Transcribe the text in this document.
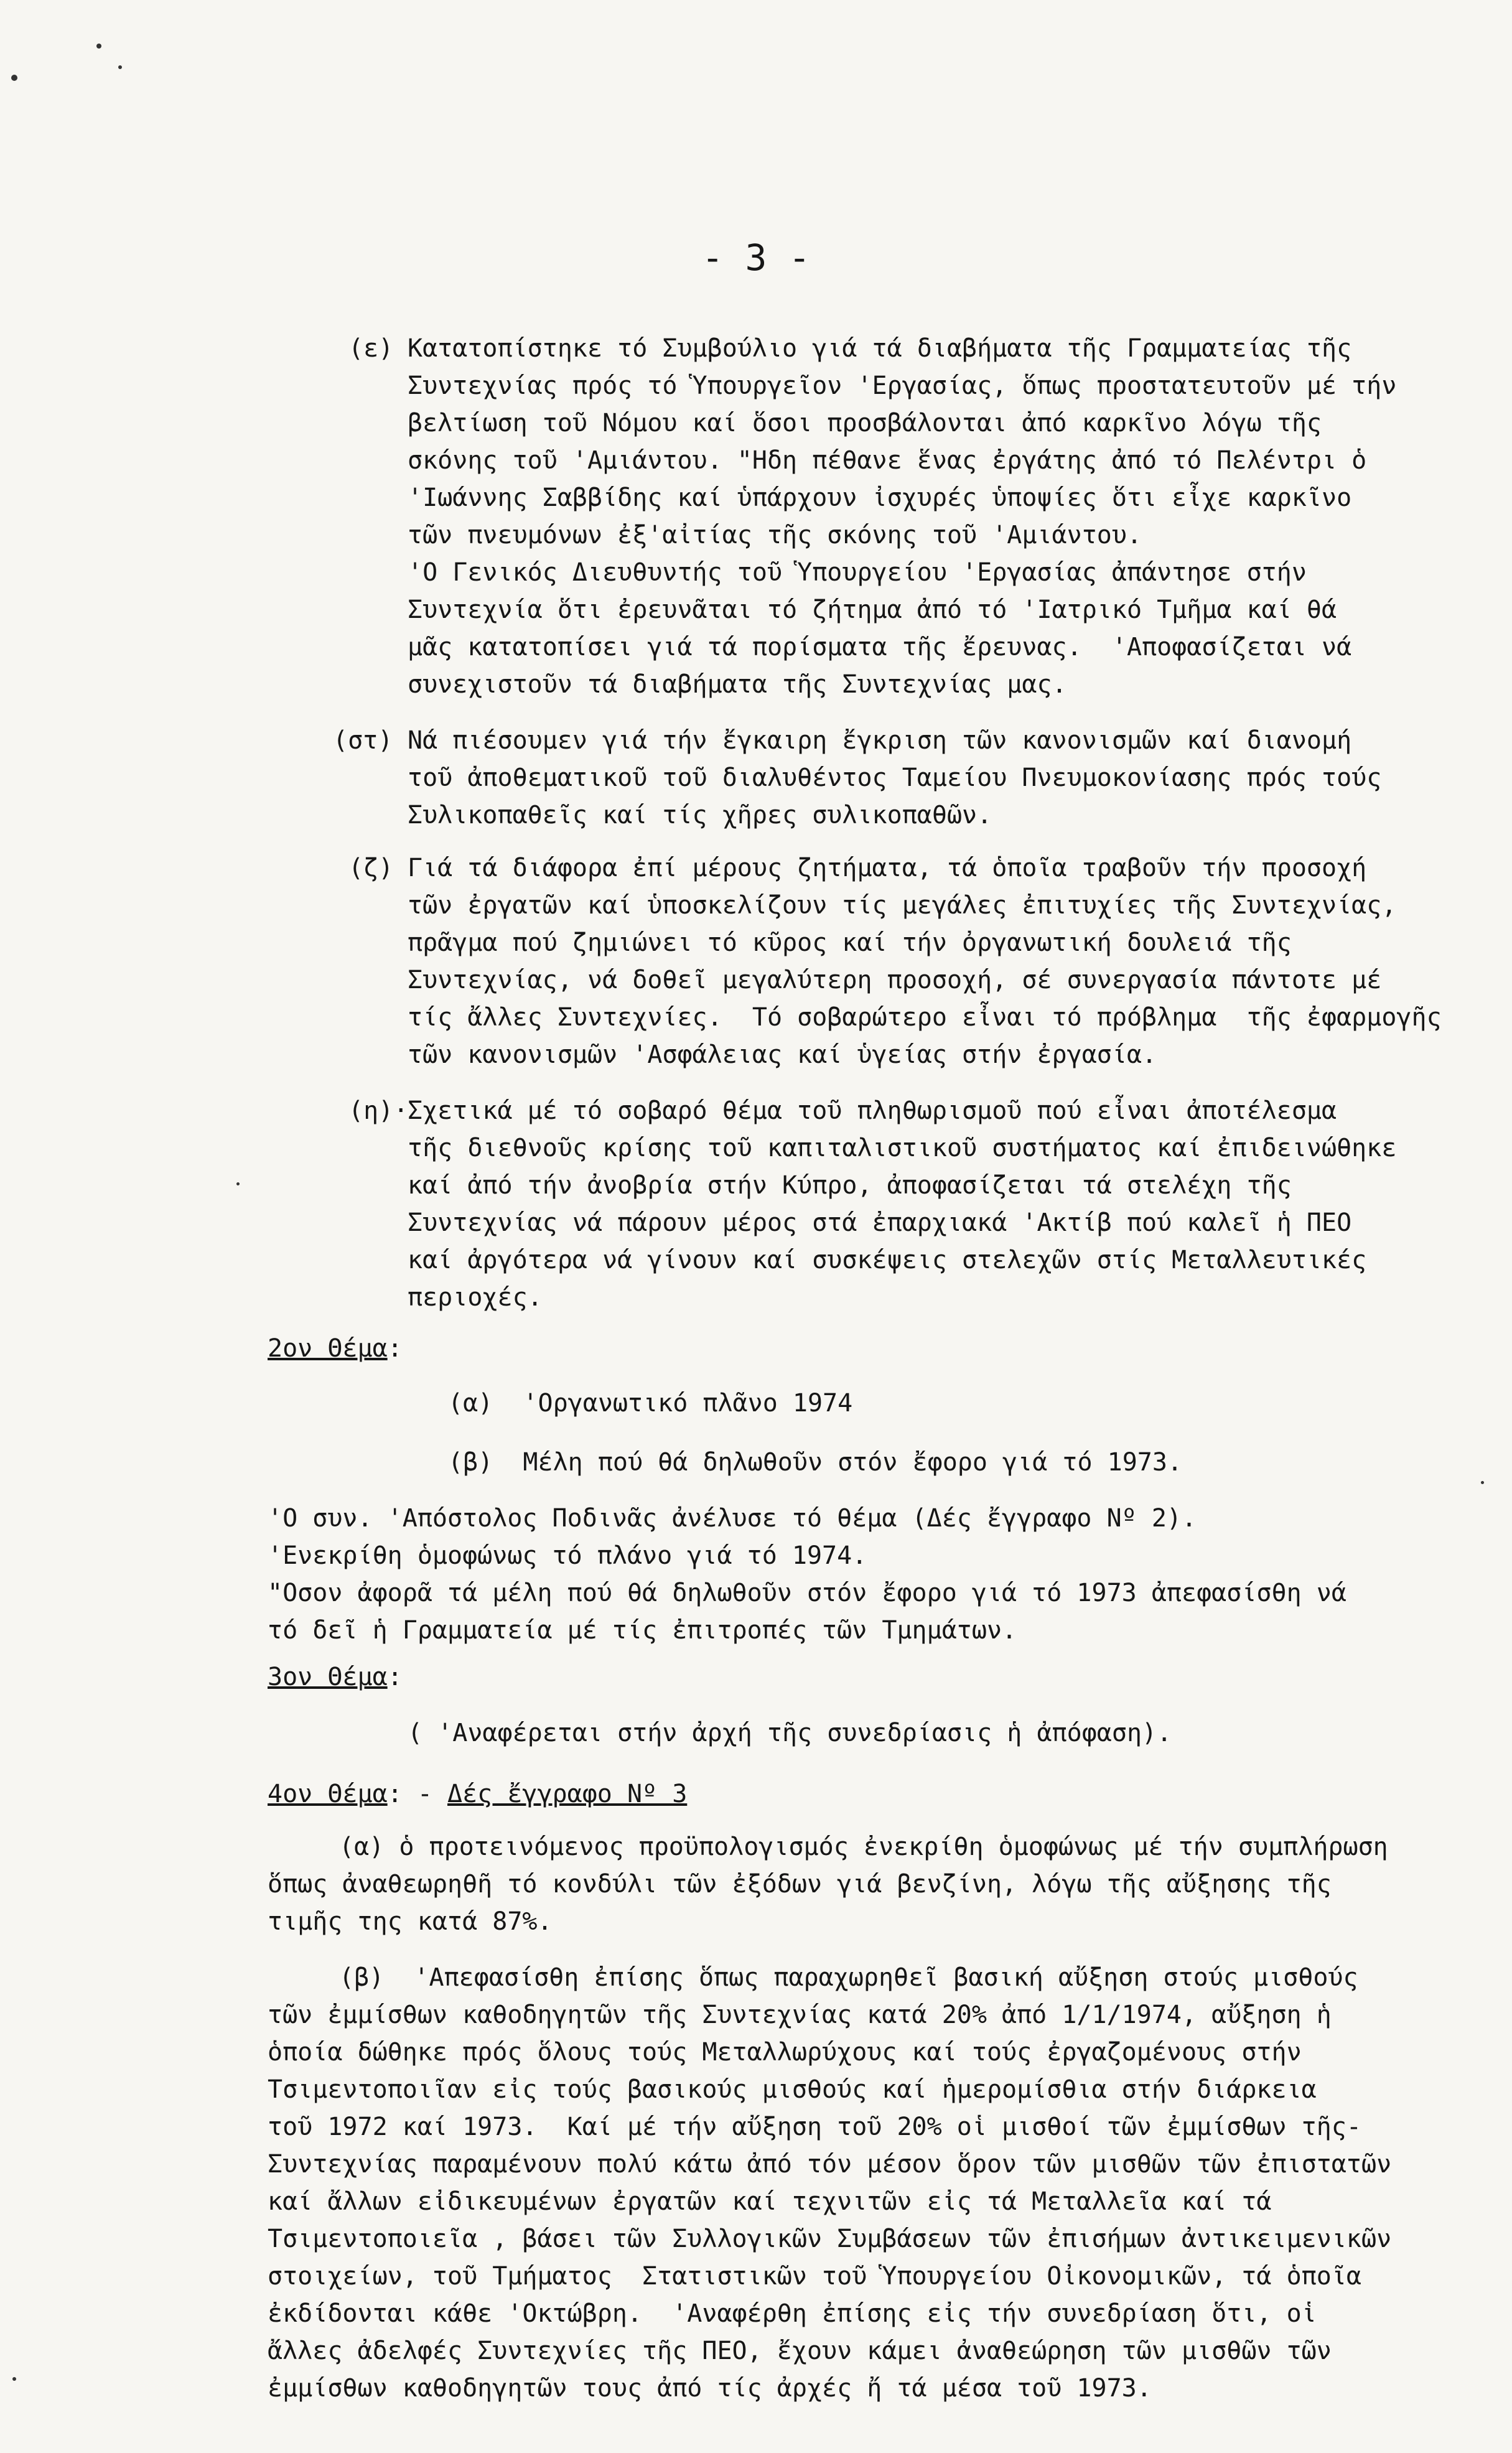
- 3 -
(ε) Κατατοπίστηκε τό Συμβούλιο γιά τά διαβήματα τῆς Γραμματείας τῆς
Συντεχνίας πρός τό Ὑπουργεῖον 'Εργασίας, ὅπως προστατευτοῦν μέ τήν
βελτίωση τοῦ Νόμου καί ὅσοι προσβάλονται ἀπό καρκῖνο λόγω τῆς
σκόνης τοῦ 'Αμιάντου. "Ηδη πέθανε ἕνας ἐργάτης ἀπό τό Πελέντρι ὁ
'Ιωάννης Σαββίδης καί ὑπάρχουν ἰσχυρές ὑποψίες ὅτι εἶχε καρκῖνο
τῶν πνευμόνων ἐξ'αἰτίας τῆς σκόνης τοῦ 'Αμιάντου.
'Ο Γενικός Διευθυντής τοῦ Ὑπουργείου 'Εργασίας ἀπάντησε στήν
Συντεχνία ὅτι ἐρευνᾶται τό ζήτημα ἀπό τό 'Ιατρικό Τμῆμα καί θά
μᾶς κατατοπίσει γιά τά πορίσματα τῆς ἔρευνας.  'Αποφασίζεται νά
συνεχιστοῦν τά διαβήματα τῆς Συντεχνίας μας.
(στ) Νά πιέσουμεν γιά τήν ἔγκαιρη ἔγκριση τῶν κανονισμῶν καί διανομή
τοῦ ἀποθεματικοῦ τοῦ διαλυθέντος Ταμείου Πνευμοκονίασης πρός τούς
Συλικοπαθεῖς καί τίς χῆρες συλικοπαθῶν.
(ζ) Γιά τά διάφορα ἐπί μέρους ζητήματα, τά ὁποῖα τραβοῦν τήν προσοχή
τῶν ἐργατῶν καί ὑποσκελίζουν τίς μεγάλες ἐπιτυχίες τῆς Συντεχνίας,
πρᾶγμα πού ζημιώνει τό κῦρος καί τήν ὀργανωτική δουλειά τῆς
Συντεχνίας, νά δοθεῖ μεγαλύτερη προσοχή, σέ συνεργασία πάντοτε μέ
τίς ἄλλες Συντεχνίες.  Τό σοβαρώτερο εἶναι τό πρόβλημα  τῆς ἐφαρμογῆς
τῶν κανονισμῶν 'Ασφάλειας καί ὑγείας στήν ἐργασία.
(η)·
Σχετικά μέ τό σοβαρό θέμα τοῦ πληθωρισμοῦ πού εἶναι ἀποτέλεσμα
τῆς διεθνοῦς κρίσης τοῦ καπιταλιστικοῦ συστήματος καί ἐπιδεινώθηκε
καί ἀπό τήν ἀνοβρία στήν Κύπρο, ἀποφασίζεται τά στελέχη τῆς
Συντεχνίας νά πάρουν μέρος στά ἐπαρχιακά 'Ακτίβ πού καλεῖ ἡ ΠΕΟ
καί ἀργότερα νά γίνουν καί συσκέψεις στελεχῶν στίς Μεταλλευτικές
περιοχές.
2ον Θέμα:
(α)  'Οργανωτικό πλᾶνο 1974
(β)  Μέλη πού θά δηλωθοῦν στόν ἔφορο γιά τό 1973.
'Ο συν. 'Απόστολος Ποδινᾶς ἀνέλυσε τό θέμα (Δές ἔγγραφο Νº 2).
'Ενεκρίθη ὁμοφώνως τό πλάνο γιά τό 1974.
"Οσον ἀφορᾶ τά μέλη πού θά δηλωθοῦν στόν ἔφορο γιά τό 1973 ἀπεφασίσθη νά
τό δεῖ ἡ Γραμματεία μέ τίς ἐπιτροπές τῶν Τμημάτων.
3ον Θέμα:
( 'Αναφέρεται στήν ἀρχή τῆς συνεδρίασις ἡ ἀπόφαση).
4ον Θέμα: - Δές ἔγγραφο Νº 3
(α) ὁ προτεινόμενος προϋπολογισμός ἐνεκρίθη ὁμοφώνως μέ τήν συμπλήρωση
ὅπως ἀναθεωρηθῆ τό κονδύλι τῶν ἐξόδων γιά βενζίνη, λόγω τῆς αὔξησης τῆς
τιμῆς της κατά 87%.
(β)  'Απεφασίσθη ἐπίσης ὅπως παραχωρηθεῖ βασική αὔξηση στούς μισθούς
τῶν ἐμμίσθων καθοδηγητῶν τῆς Συντεχνίας κατά 20% ἀπό 1/1/1974, αὔξηση ἡ
ὁποία δώθηκε πρός ὅλους τούς Μεταλλωρύχους καί τούς ἐργαζομένους στήν
Τσιμεντοποιῖαν εἰς τούς βασικούς μισθούς καί ἡμερομίσθια στήν διάρκεια
τοῦ 1972 καί 1973.  Καί μέ τήν αὔξηση τοῦ 20% οἱ μισθοί τῶν ἐμμίσθων τῆς-
Συντεχνίας παραμένουν πολύ κάτω ἀπό τόν μέσον ὅρον τῶν μισθῶν τῶν ἐπιστατῶν
καί ἄλλων εἰδικευμένων ἐργατῶν καί τεχνιτῶν εἰς τά Μεταλλεῖα καί τά
Τσιμεντοποιεῖα , βάσει τῶν Συλλογικῶν Συμβάσεων τῶν ἐπισήμων ἀντικειμενικῶν
στοιχείων, τοῦ Τμήματος  Στατιστικῶν τοῦ Ὑπουργείου Οἰκονομικῶν, τά ὁποῖα
ἐκδίδονται κάθε 'Οκτώβρη.  'Αναφέρθη ἐπίσης εἰς τήν συνεδρίαση ὅτι, οἱ
ἄλλες ἀδελφές Συντεχνίες τῆς ΠΕΟ, ἔχουν κάμει ἀναθεώρηση τῶν μισθῶν τῶν
ἐμμίσθων καθοδηγητῶν τους ἀπό τίς ἀρχές ἤ τά μέσα τοῦ 1973.
